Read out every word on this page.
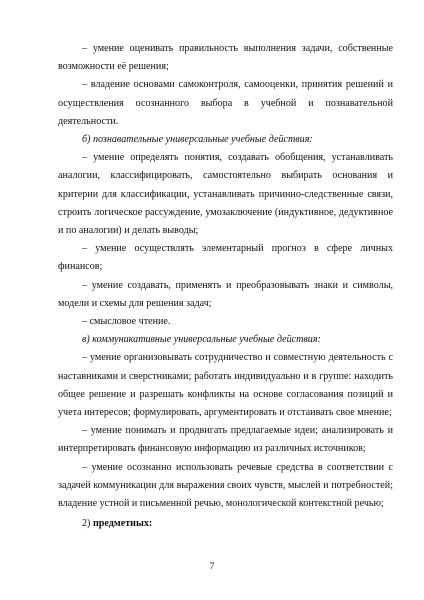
– умение оценивать правильность выполнения задачи, собственные возможности её решения;

– владение основами самоконтроля, самооценки, принятия решений и осуществления осознанного выбора в учебной и познавательной деятельности.

б) познавательные универсальные учебные действия:

– умение определять понятия, создавать обобщения, устанавливать аналогии, классифицировать, самостоятельно выбирать основания и критерии для классификации, устанавливать причинно-следственные связи, строить логическое рассуждение, умозаключение (индуктивное, дедуктивное и по аналогии) и делать выводы;

– умение осуществлять элементарный прогноз в сфере личных финансов;

– умение создавать, применять и преобразовывать знаки и символы, модели и схемы для решения задач;

– смысловое чтение.

в) коммуникативные универсальные учебные действия:

– умение организовывать сотрудничество и совместную деятельность с наставниками и сверстниками; работать индивидуально и в группе: находить общее решение и разрешать конфликты на основе согласования позиций и учета интересов; формулировать, аргументировать и отстаивать свое мнение;

– умение понимать и продвигать предлагаемые идеи; анализировать и интерпретировать финансовую информацию из различных источников;

– умение осознанно использовать речевые средства в соответствии с задачей коммуникации для выражения своих чувств, мыслей и потребностей; владение устной и письменной речью, монологической контекстной речью;

2) предметных:

7
